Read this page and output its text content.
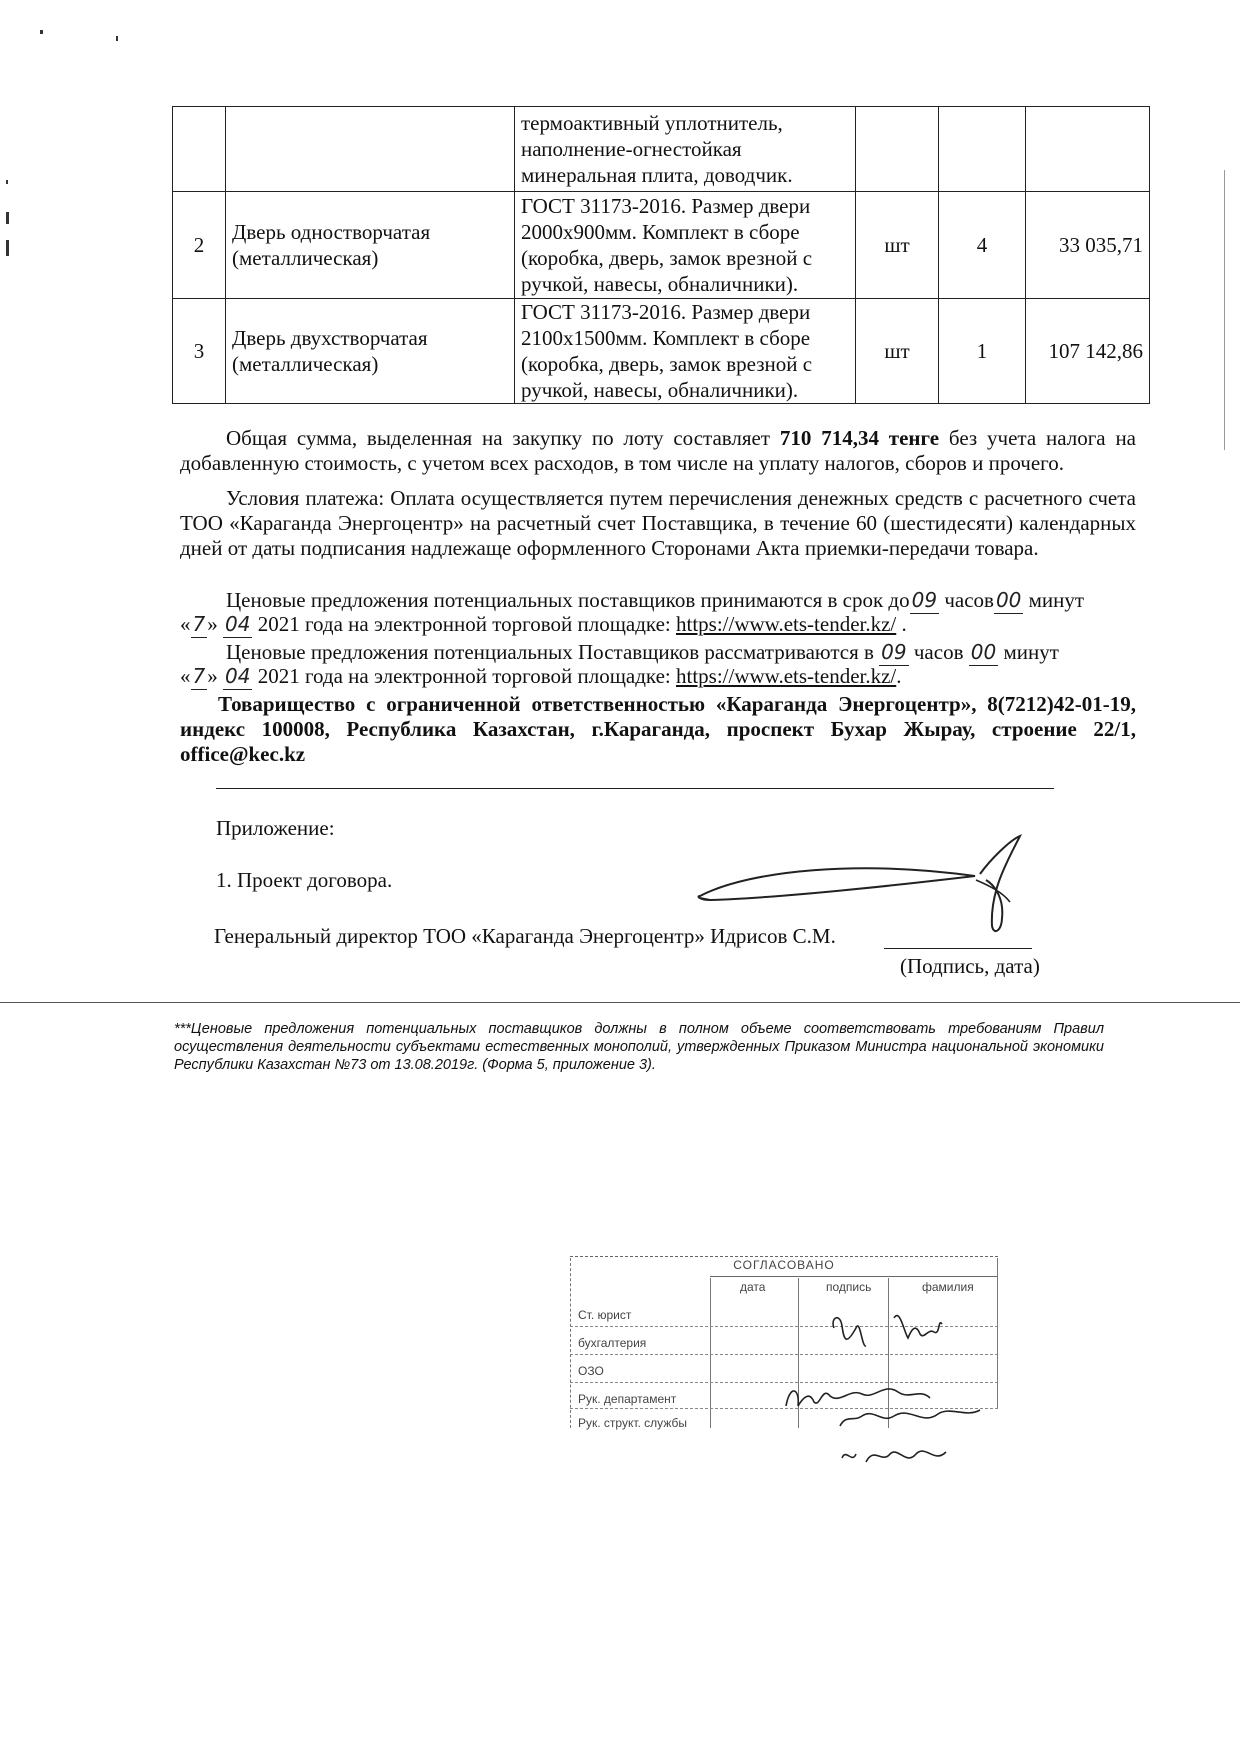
		термоактивный уплотнитель, наполнение-огнестойкая минеральная плита, доводчик.			
2	Дверь одностворчатая (металлическая)	ГОСТ 31173-2016. Размер двери 2000х900мм. Комплект в сборе (коробка, дверь, замок врезной с ручкой, навесы, обналичники).	шт	4	33 035,71
3	Дверь двухстворчатая (металлическая)	ГОСТ 31173-2016. Размер двери 2100х1500мм. Комплект в сборе (коробка, дверь, замок врезной с ручкой, навесы, обналичники).	шт	1	107 142,86
Общая сумма, выделенная на закупку по лоту составляет 710 714,34 тенге без учета налога на добавленную стоимость, с учетом всех расходов, в том числе на уплату налогов, сборов и прочего.
Условия платежа: Оплата осуществляется путем перечисления денежных средств с расчетного счета ТОО «Караганда Энергоцентр» на расчетный счет Поставщика, в течение 60 (шестидесяти) календарных дней от даты подписания надлежаще оформленного Сторонами Акта приемки-передачи товара.
Ценовые предложения потенциальных поставщиков принимаются в срок до 09 часов 00 минут
« 7» 04 2021 года на электронной торговой площадке: https://www.ets-tender.kz/ .
Ценовые предложения потенциальных Поставщиков рассматриваются в 09 часов 00 минут
« 7» 04 2021 года на электронной торговой площадке: https://www.ets-tender.kz/.
Товарищество с ограниченной ответственностью «Караганда Энергоцентр», 8(7212)42-01-19, индекс 100008, Республика Казахстан, г.Караганда, проспект Бухар Жырау, строение 22/1, office@kec.kz
Приложение:
1. Проект договора.
Генеральный директор ТОО «Караганда Энергоцентр» Идрисов С.М.
(Подпись, дата)
***Ценовые предложения потенциальных поставщиков должны в полном объеме соответствовать требованиям Правил осуществления деятельности субъектами естественных монополий, утвержденных Приказом Министра национальной экономики Республики Казахстан №73 от 13.08.2019г. (Форма 5, приложение 3).
СОГЛАСОВАНО
дата	подпись	фамилия
Ст. юрист
бухгалтерия
ОЗО
Рук. департамент
Рук. структ. службы
